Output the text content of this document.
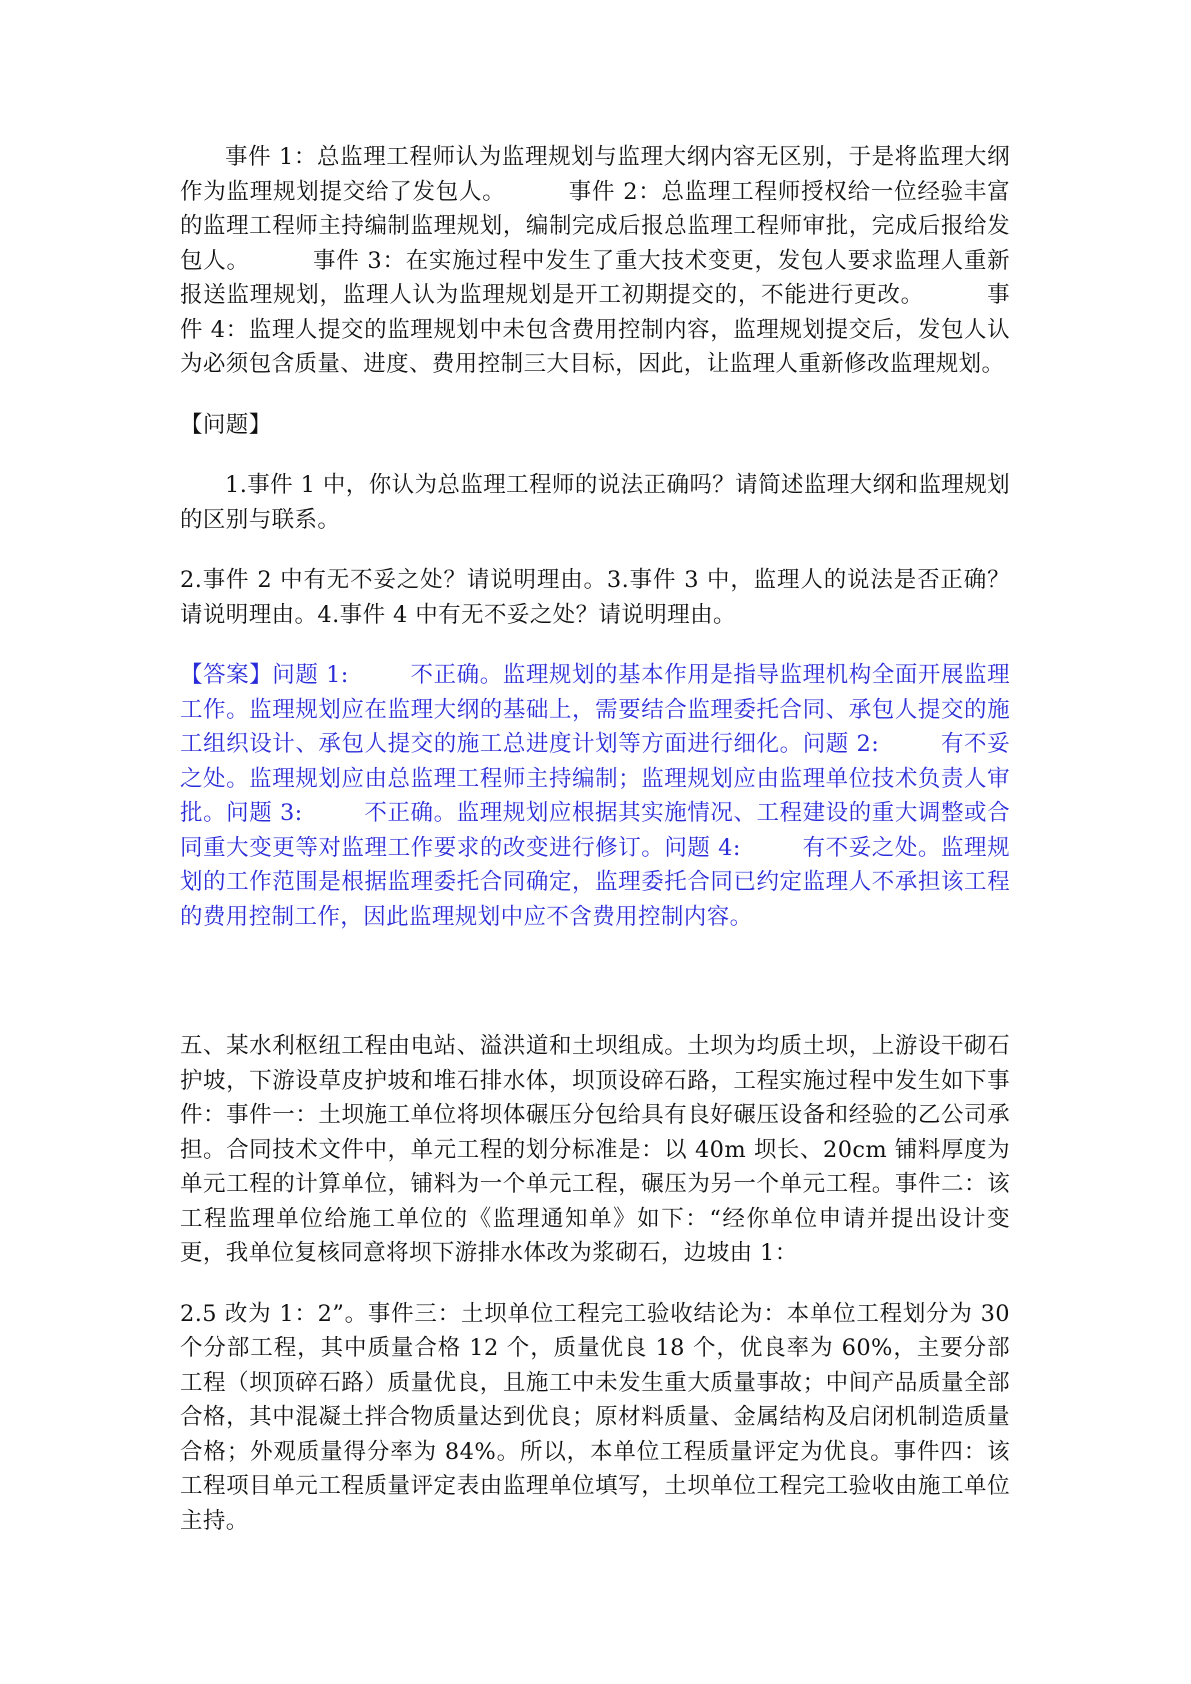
事件 1：总监理工程师认为监理规划与监理大纲内容无区别，于是将监理大纲作为监理规划提交给了发包人。        事件 2：总监理工程师授权给一位经验丰富的监理工程师主持编制监理规划，编制完成后报总监理工程师审批，完成后报给发包人。        事件 3：在实施过程中发生了重大技术变更，发包人要求监理人重新报送监理规划，监理人认为监理规划是开工初期提交的，不能进行更改。        事件 4：监理人提交的监理规划中未包含费用控制内容，监理规划提交后，发包人认为必须包含质量、进度、费用控制三大目标，因此，让监理人重新修改监理规划。

【问题】

1.事件 1 中，你认为总监理工程师的说法正确吗？请简述监理大纲和监理规划的区别与联系。

2.事件 2 中有无不妥之处？请说明理由。3.事件 3 中，监理人的说法是否正确？请说明理由。4.事件 4 中有无不妥之处？请说明理由。

【答案】问题 1:        不正确。监理规划的基本作用是指导监理机构全面开展监理工作。监理规划应在监理大纲的基础上，需要结合监理委托合同、承包人提交的施工组织设计、承包人提交的施工总进度计划等方面进行细化。问题 2:        有不妥之处。监理规划应由总监理工程师主持编制；监理规划应由监理单位技术负责人审批。问题 3:        不正确。监理规划应根据其实施情况、工程建设的重大调整或合同重大变更等对监理工作要求的改变进行修订。问题 4:        有不妥之处。监理规划的工作范围是根据监理委托合同确定，监理委托合同已约定监理人不承担该工程的费用控制工作，因此监理规划中应不含费用控制内容。

五、某水利枢纽工程由电站、溢洪道和土坝组成。土坝为均质土坝，上游设干砌石护坡，下游设草皮护坡和堆石排水体，坝顶设碎石路，工程实施过程中发生如下事件：事件一：土坝施工单位将坝体碾压分包给具有良好碾压设备和经验的乙公司承担。合同技术文件中，单元工程的划分标准是：以 40m 坝长、20cm 铺料厚度为单元工程的计算单位，铺料为一个单元工程，碾压为另一个单元工程。事件二：该工程监理单位给施工单位的《监理通知单》如下：“经你单位申请并提出设计变更，我单位复核同意将坝下游排水体改为浆砌石，边坡由 1：

2.5 改为 1：2”。事件三：土坝单位工程完工验收结论为：本单位工程划分为 30 个分部工程，其中质量合格 12 个，质量优良 18 个，优良率为 60%，主要分部工程（坝顶碎石路）质量优良，且施工中未发生重大质量事故；中间产品质量全部合格，其中混凝土拌合物质量达到优良；原材料质量、金属结构及启闭机制造质量合格；外观质量得分率为 84%。所以，本单位工程质量评定为优良。事件四：该工程项目单元工程质量评定表由监理单位填写，土坝单位工程完工验收由施工单位主持。
